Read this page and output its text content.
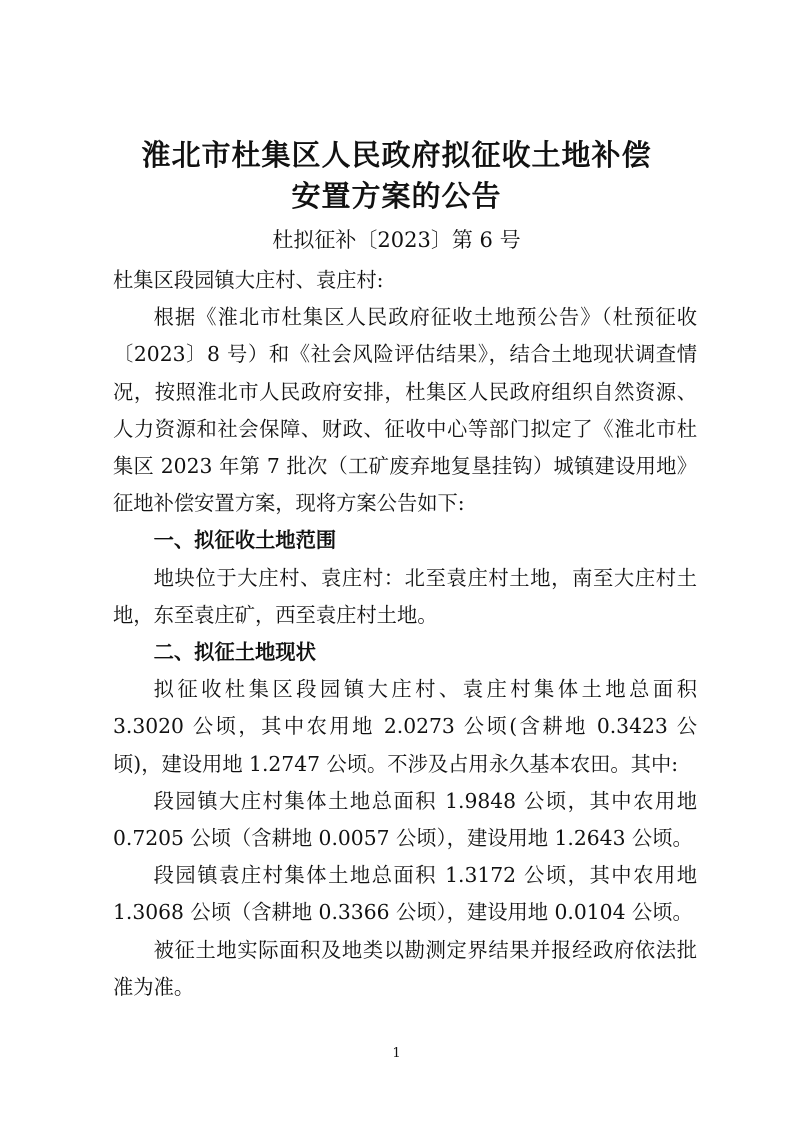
淮北市杜集区人民政府拟征收土地补偿
安置方案的公告
杜拟征补〔2023〕第 6 号

杜集区段园镇大庄村、袁庄村:

根据《淮北市杜集区人民政府征收土地预公告》（杜预征收〔2023〕8 号）和《社会风险评估结果》，结合土地现状调查情况，按照淮北市人民政府安排，杜集区人民政府组织自然资源、人力资源和社会保障、财政、征收中心等部门拟定了《淮北市杜集区 2023 年第 7 批次（工矿废弃地复垦挂钩）城镇建设用地》征地补偿安置方案，现将方案公告如下:

一、拟征收土地范围

地块位于大庄村、袁庄村：北至袁庄村土地，南至大庄村土地，东至袁庄矿，西至袁庄村土地。

二、拟征土地现状

拟征收杜集区段园镇大庄村、袁庄村集体土地总面积 3.3020 公顷，其中农用地 2.0273 公顷(含耕地 0.3423 公顷)，建设用地 1.2747 公顷。不涉及占用永久基本农田。其中:

段园镇大庄村集体土地总面积 1.9848 公顷，其中农用地 0.7205 公顷（含耕地 0.0057 公顷），建设用地 1.2643 公顷。

段园镇袁庄村集体土地总面积 1.3172 公顷，其中农用地 1.3068 公顷（含耕地 0.3366 公顷），建设用地 0.0104 公顷。

被征土地实际面积及地类以勘测定界结果并报经政府依法批准为准。

1
